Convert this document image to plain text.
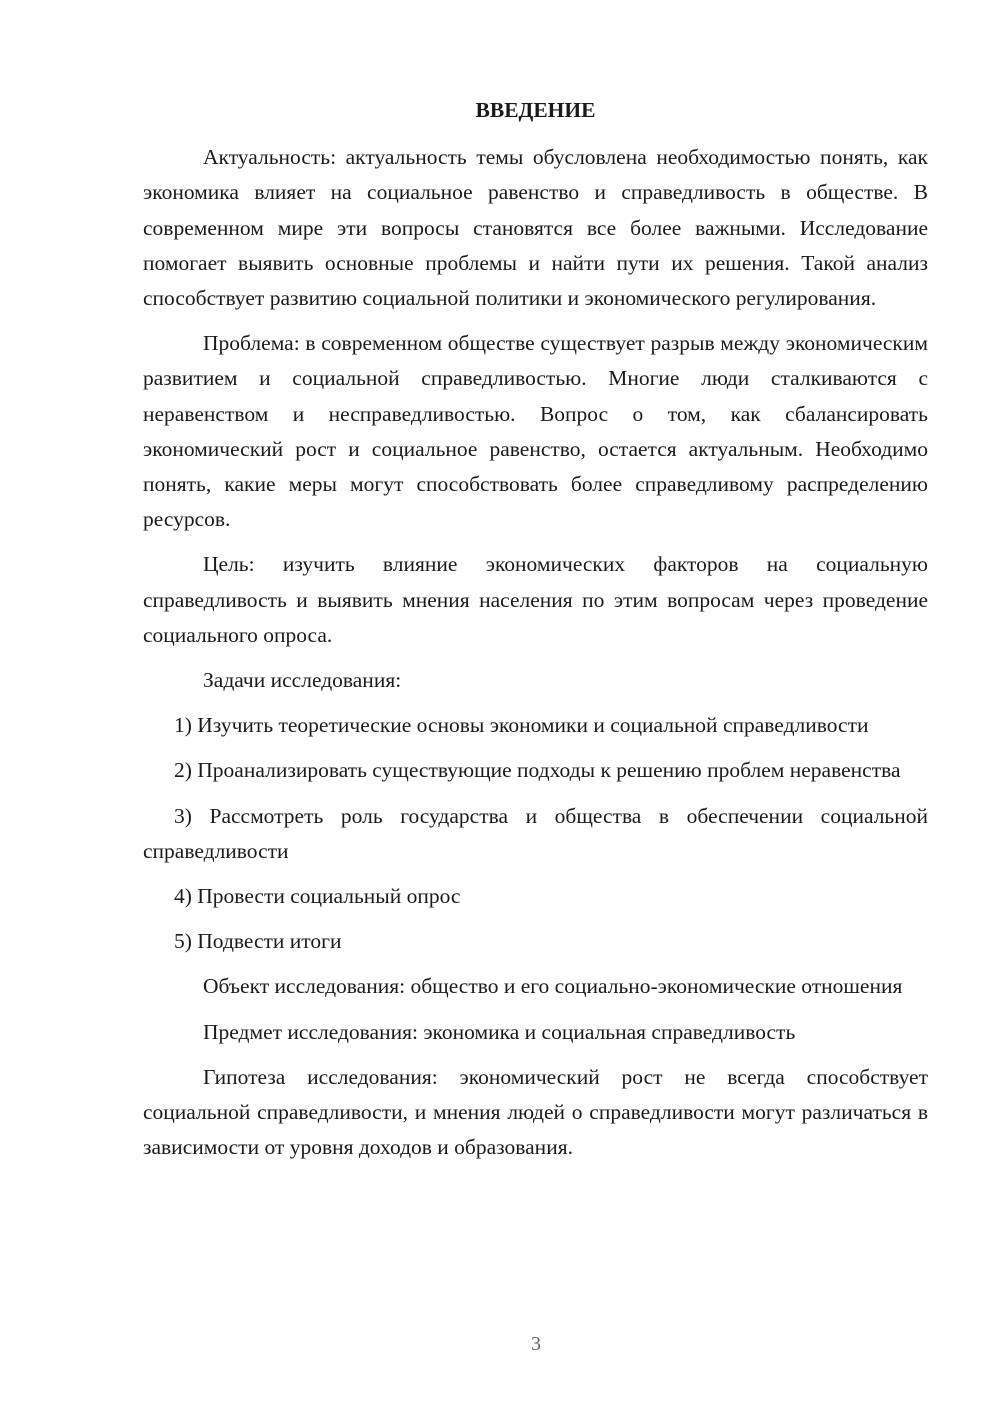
ВВЕДЕНИЕ

Актуальность: актуальность темы обусловлена необходимостью понять, как экономика влияет на социальное равенство и справедливость в обществе. В современном мире эти вопросы становятся все более важными. Исследование помогает выявить основные проблемы и найти пути их решения. Такой анализ способствует развитию социальной политики и экономического регулирования.

Проблема: в современном обществе существует разрыв между экономическим развитием и социальной справедливостью. Многие люди сталкиваются с неравенством и несправедливостью. Вопрос о том, как сбалансировать экономический рост и социальное равенство, остается актуальным. Необходимо понять, какие меры могут способствовать более справедливому распределению ресурсов.

Цель: изучить влияние экономических факторов на социальную справедливость и выявить мнения населения по этим вопросам через проведение социального опроса.

Задачи исследования:

1) Изучить теоретические основы экономики и социальной справедливости

2) Проанализировать существующие подходы к решению проблем неравенства

3) Рассмотреть роль государства и общества в обеспечении социальной справедливости

4) Провести социальный опрос

5) Подвести итоги

Объект исследования: общество и его социально-экономические отношения

Предмет исследования: экономика и социальная справедливость

Гипотеза исследования: экономический рост не всегда способствует социальной справедливости, и мнения людей о справедливости могут различаться в зависимости от уровня доходов и образования.

3
